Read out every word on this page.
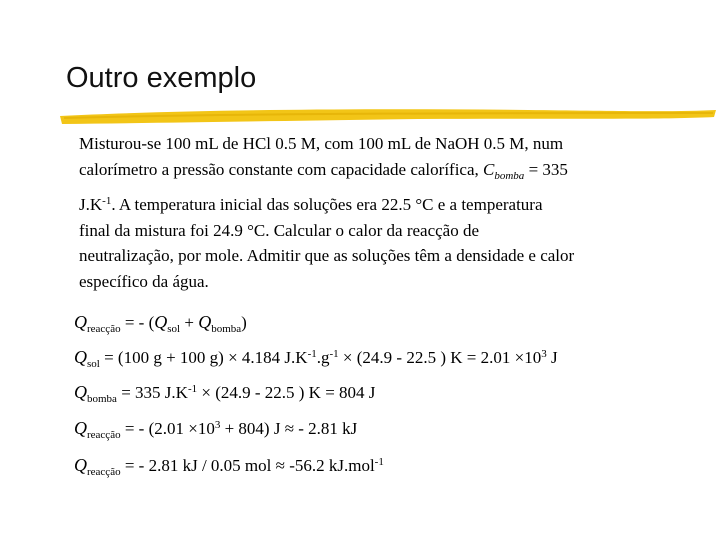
Outro exemplo

Misturou-se 100 mL de HCl 0.5 M, com 100 mL de NaOH 0.5 M, num

calorímetro a pressão constante com capacidade calorífica, $C_{bomba} = 335$

$J.K^{-1}$. A temperatura inicial das soluções era 22.5 °C e a temperatura

final da mistura foi 24.9 °C. Calcular o calor da reacção de

neutralização, por mole. Admitir que as soluções têm a densidade e calor

específico da água.

$Q_{reacção}$ = - $(Q_{sol} + Q_{bomba})$
$Q_{sol} = (100$ g + 100 g) × 4.184 $J.K^{-1}.g^{-1} \times (24.9 - 22.5$ ) $K = 2.01 \times 10^3$ J
$Q_{bomba} = 335$ $J.K^{-1} \times (24.9 - 22.5$ ) K = 804 J
$Q_{reacção}$ = - $(2.01 \times 10^3 + 804)$ J ≈ - 2.81 kJ
$Q_{reacção}$ = - 2.81 kJ / 0.05 mol ≈ -56.2 kJ.mol$^{-1}$
